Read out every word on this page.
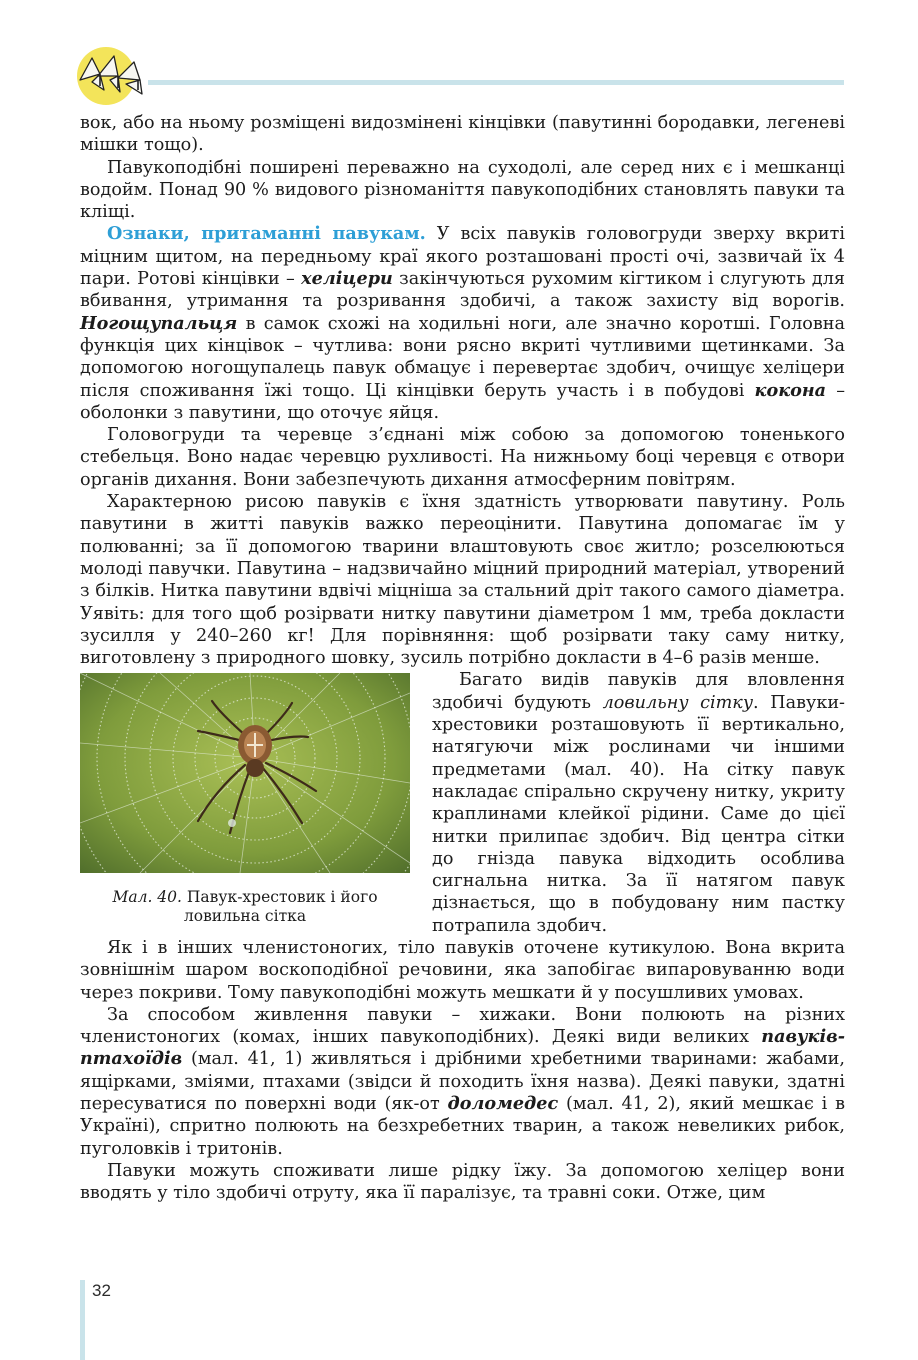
вок, або на ньому розміщені видозмінені кінцівки (павутинні бородавки, легеневі мішки тощо).

Павукоподібні поширені переважно на суходолі, але серед них є і мешканці водойм. Понад 90 % видового різноманіття павукоподібних становлять павуки та кліщі.

Ознаки, притаманні павукам. У всіх павуків головогруди зверху вкриті міцним щитом, на передньому краї якого розташовані прості очі, зазвичай їх 4 пари. Ротові кінцівки – хеліцери закінчуються рухомим кігтиком і слугують для вбивання, утримання та розривання здобичі, а також захисту від ворогів. Ногощупальця в самок схожі на ходильні ноги, але значно коротші. Головна функція цих кінцівок – чутлива: вони рясно вкриті чутливими щетинками. За допомогою ногощупалець павук обмацує і перевертає здобич, очищує хеліцери після споживання їжі тощо. Ці кінцівки беруть участь і в побудові кокона – оболонки з павутини, що оточує яйця.

Головогруди та черевце з’єднані між собою за допомогою тоненького стебельця. Воно надає черевцю рухливості. На нижньому боці черевця є отвори органів дихання. Вони забезпечують дихання атмосферним повітрям.

Характерною рисою павуків є їхня здатність утворювати павутину. Роль павутини в житті павуків важко переоцінити. Павутина допомагає їм у полюванні; за її допомогою тварини влаштовують своє житло; розселюються молоді павучки. Павутина – надзвичайно міцний природний матеріал, утворений з білків. Нитка павутини вдвічі міцніша за стальний дріт такого самого діаметра. Уявіть: для того щоб розірвати нитку павутини діаметром 1 мм, треба докласти зусилля у 240–260 кг! Для порівняння: щоб розірвати таку саму нитку, виготовлену з природного шовку, зусиль потрібно докласти в 4–6 разів менше.

Мал. 40. Павук-хрестовик і його ловильна сітка

Багато видів павуків для вловлення здобичі будують ловильну сітку. Павуки-хрестовики розташовують її вертикально, натягуючи між рослинами чи іншими предметами (мал. 40). На сітку павук накладає спірально скручену нитку, укриту краплинами клейкої рідини. Саме до цієї нитки прилипає здобич. Від центра сітки до гнізда павука відходить особлива сигнальна нитка. За її натягом павук дізнається, що в побудовану ним пастку потрапила здобич.

Як і в інших членистоногих, тіло павуків оточене кутикулою. Вона вкрита зовнішнім шаром воскоподібної речовини, яка запобігає випаровуванню води через покриви. Тому павукоподібні можуть мешкати й у посушливих умовах.

За способом живлення павуки – хижаки. Вони полюють на різних членистоногих (комах, інших павукоподібних). Деякі види великих павуків-птахоїдів (мал. 41, 1) живляться і дрібними хребетними тваринами: жабами, ящірками, зміями, птахами (звідси й походить їхня назва). Деякі павуки, здатні пересуватися по поверхні води (як-от доломедес (мал. 41, 2), який мешкає і в Україні), спритно полюють на безхребетних тварин, а також невеликих рибок, пуголовків і тритонів.

Павуки можуть споживати лише рідку їжу. За допомогою хеліцер вони вводять у тіло здобичі отруту, яка її паралізує, та травні соки. Отже, цим

32
